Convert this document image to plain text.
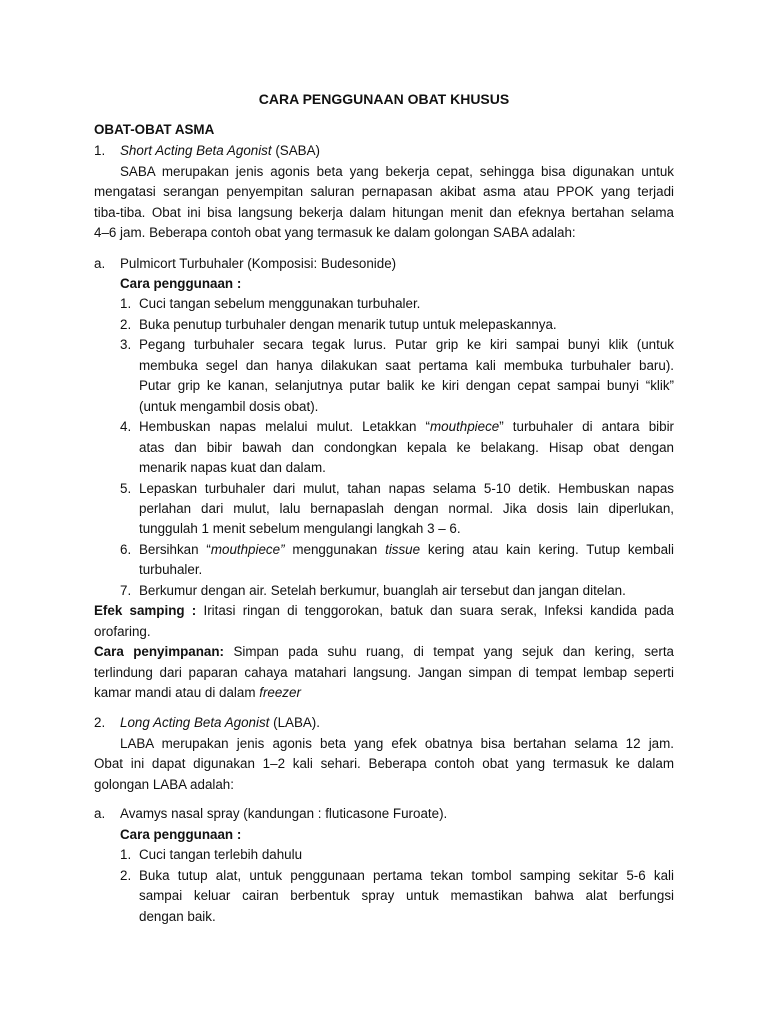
CARA PENGGUNAAN OBAT KHUSUS
OBAT-OBAT ASMA
1. Short Acting Beta Agonist (SABA)
SABA merupakan jenis agonis beta yang bekerja cepat, sehingga bisa digunakan untuk
mengatasi serangan penyempitan saluran pernapasan akibat asma atau PPOK yang terjadi
tiba-tiba. Obat ini bisa langsung bekerja dalam hitungan menit dan efeknya bertahan selama
4–6 jam. Beberapa contoh obat yang termasuk ke dalam golongan SABA adalah:
a. Pulmicort Turbuhaler (Komposisi: Budesonide)
Cara penggunaan :
1. Cuci tangan sebelum menggunakan turbuhaler.
2. Buka penutup turbuhaler dengan menarik tutup untuk melepaskannya.
3. Pegang turbuhaler secara tegak lurus. Putar grip ke kiri sampai bunyi klik (untuk
membuka segel dan hanya dilakukan saat pertama kali membuka turbuhaler baru).
Putar grip ke kanan, selanjutnya putar balik ke kiri dengan cepat sampai bunyi “klik”
(untuk mengambil dosis obat).
4. Hembuskan napas melalui mulut. Letakkan “mouthpiece” turbuhaler di antara bibir
atas dan bibir bawah dan condongkan kepala ke belakang. Hisap obat dengan
menarik napas kuat dan dalam.
5. Lepaskan turbuhaler dari mulut, tahan napas selama 5-10 detik. Hembuskan napas
perlahan dari mulut, lalu bernapaslah dengan normal. Jika dosis lain diperlukan,
tunggulah 1 menit sebelum mengulangi langkah 3 – 6.
6. Bersihkan “mouthpiece” menggunakan tissue kering atau kain kering. Tutup kembali
turbuhaler.
7. Berkumur dengan air. Setelah berkumur, buanglah air tersebut dan jangan ditelan.
Efek samping : Iritasi ringan di tenggorokan, batuk dan suara serak, Infeksi kandida pada
orofaring.
Cara penyimpanan: Simpan pada suhu ruang, di tempat yang sejuk dan kering, serta
terlindung dari paparan cahaya matahari langsung. Jangan simpan di tempat lembap seperti
kamar mandi atau di dalam freezer
2. Long Acting Beta Agonist (LABA).
LABA merupakan jenis agonis beta yang efek obatnya bisa bertahan selama 12 jam.
Obat ini dapat digunakan 1–2 kali sehari. Beberapa contoh obat yang termasuk ke dalam
golongan LABA adalah:
a. Avamys nasal spray (kandungan : fluticasone Furoate).
Cara penggunaan :
1. Cuci tangan terlebih dahulu
2. Buka tutup alat, untuk penggunaan pertama tekan tombol samping sekitar 5-6 kali
sampai keluar cairan berbentuk spray untuk memastikan bahwa alat berfungsi
dengan baik.
